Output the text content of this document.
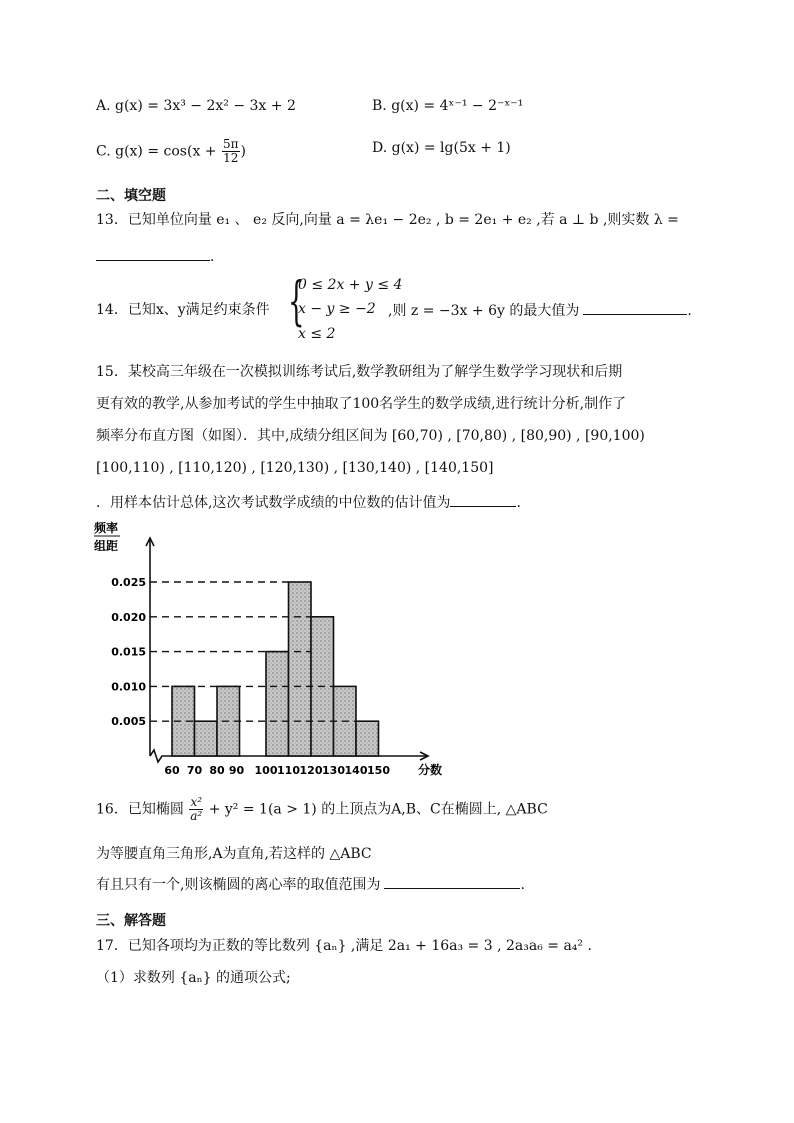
A. g(x) = 3x³ − 2x² − 3x + 2	B. g(x) = 4ˣ⁻¹ − 2⁻ˣ⁻¹
C. $g(x) = \cos(x + \frac{5\pi}{12}$ )	D. g(x) = lg(5x + 1)
二、填空题
13．已知单位向量 e₁ 、 e₂ 反向,向量 a = λe₁ − 2e₂ , b = 2e₁ + e₂ ,若 a ⊥ b ,则实数 λ =
.
14．已知x、y满足约束条件 {
0 ≤ 2x + y ≤ 4
x − y ≥ −2
x ≤ 2
,则 z = −3x + 6y 的最大值为	.
15．某校高三年级在一次模拟训练考试后,数学教研组为了解学生数学学习现状和后期
更有效的教学,从参加考试的学生中抽取了100名学生的数学成绩,进行统计分析,制作了
频率分布直方图（如图）．其中,成绩分组区间为 [60,70) , [70,80) , [80,90) , [90,100)
[100,110) , [110,120) , [120,130) , [130,140) , [140,150]
．用样本估计总体,这次考试数学成绩的中位数的估计值为	.
频率
组距
0.005
0.010
0.015
0.020
0.025
60 70 80 90 100 110 120 130 140 150 分数
16．已知椭圆 $\frac{\text{x²}}{\text{a²}} + y^2 = 1(a > 1)$ 的上顶点为A,B、C在椭圆上, △ABC
为等腰直角三角形,A为直角,若这样的 △ABC
有且只有一个,则该椭圆的离心率的取值范围为	.
三、解答题
17．已知各项均为正数的等比数列 {aₙ} ,满足 2a₁ + 16a₃ = 3 , 2a₃a₆ = a₄² .
（1）求数列 {aₙ} 的通项公式;
